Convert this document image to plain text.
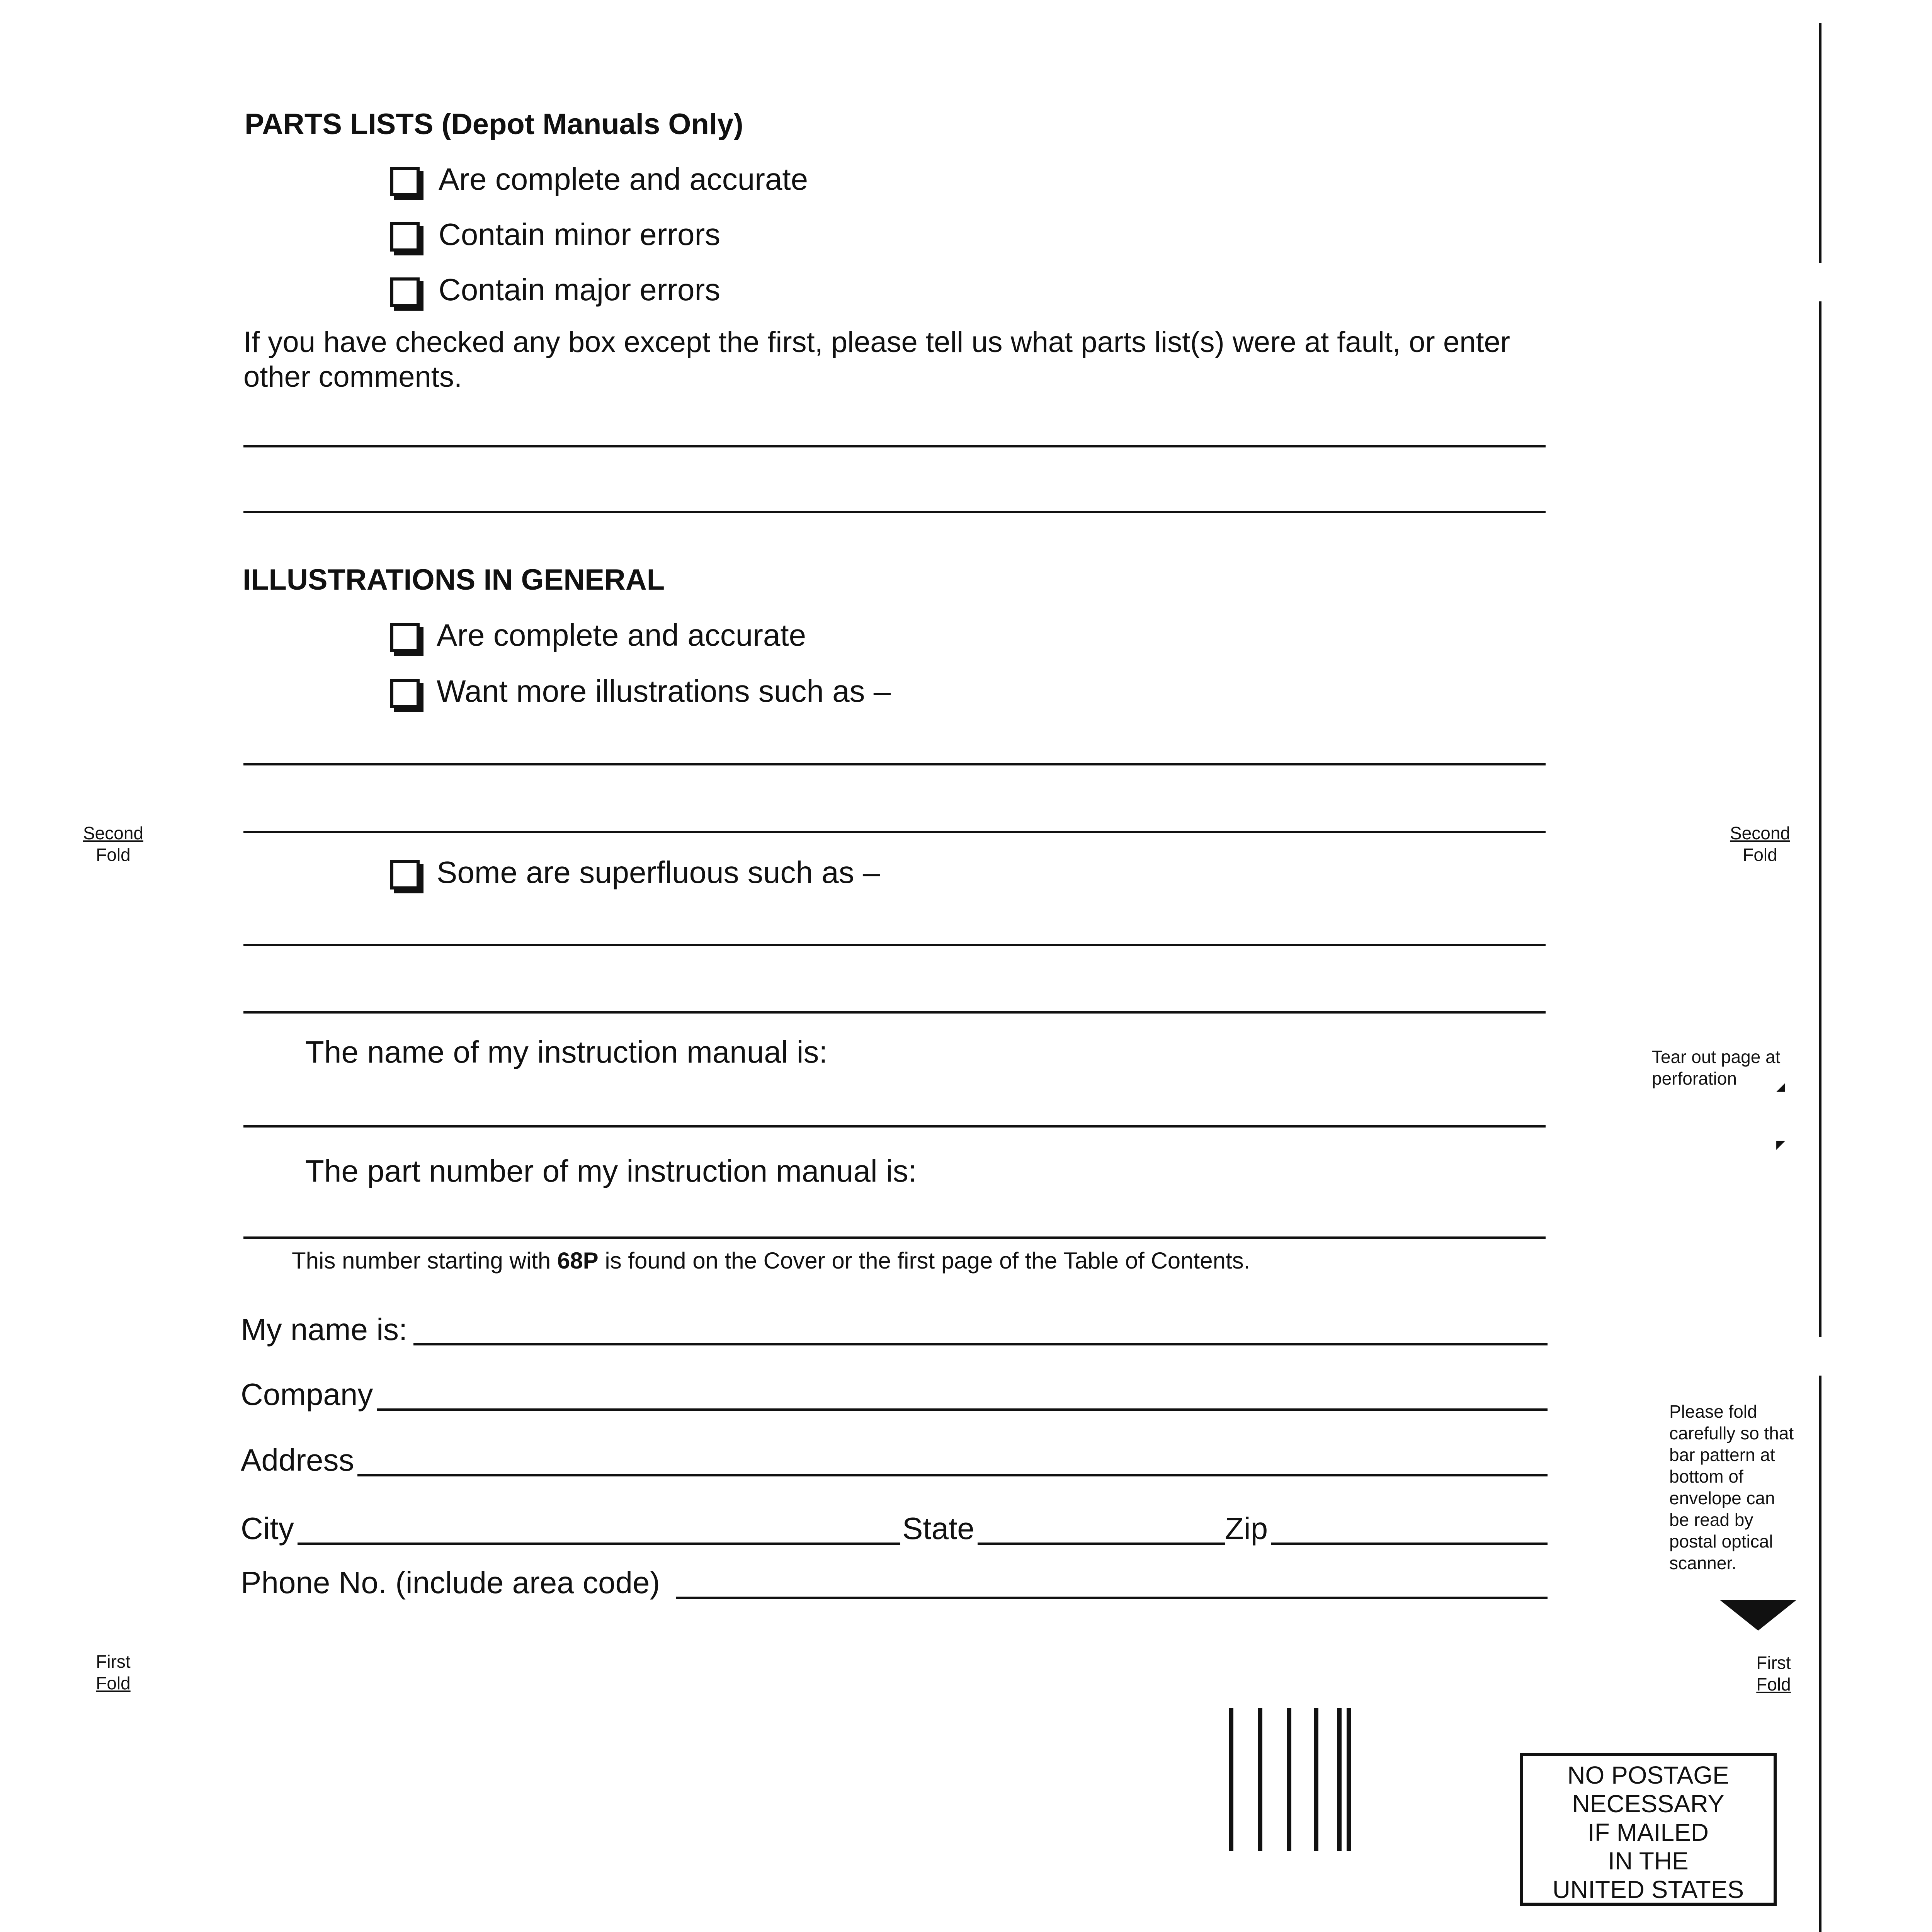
PARTS LISTS (Depot Manuals Only)
Are complete and accurate
Contain minor errors
Contain major errors
If you have checked any box except the first, please tell us what parts list(s) were at fault, or enter
other comments.
ILLUSTRATIONS IN GENERAL
Are complete and accurate
Want more illustrations such as –
Some are superfluous such as –
The name of my instruction manual is:
The part number of my instruction manual is:
This number starting with 68P is found on the Cover or the first page of the Table of Contents.
My name is:
Company
Address
City	State	Zip
Phone No. (include area code)
Second
Fold
First
Fold
Second
Fold
Tear out page at
perforation	◢
◤
Please fold
carefully so that
bar pattern at
bottom of
envelope can
be read by
postal optical
scanner.
First
Fold
NO POSTAGE
NECESSARY
IF MAILED
IN THE
UNITED STATES
